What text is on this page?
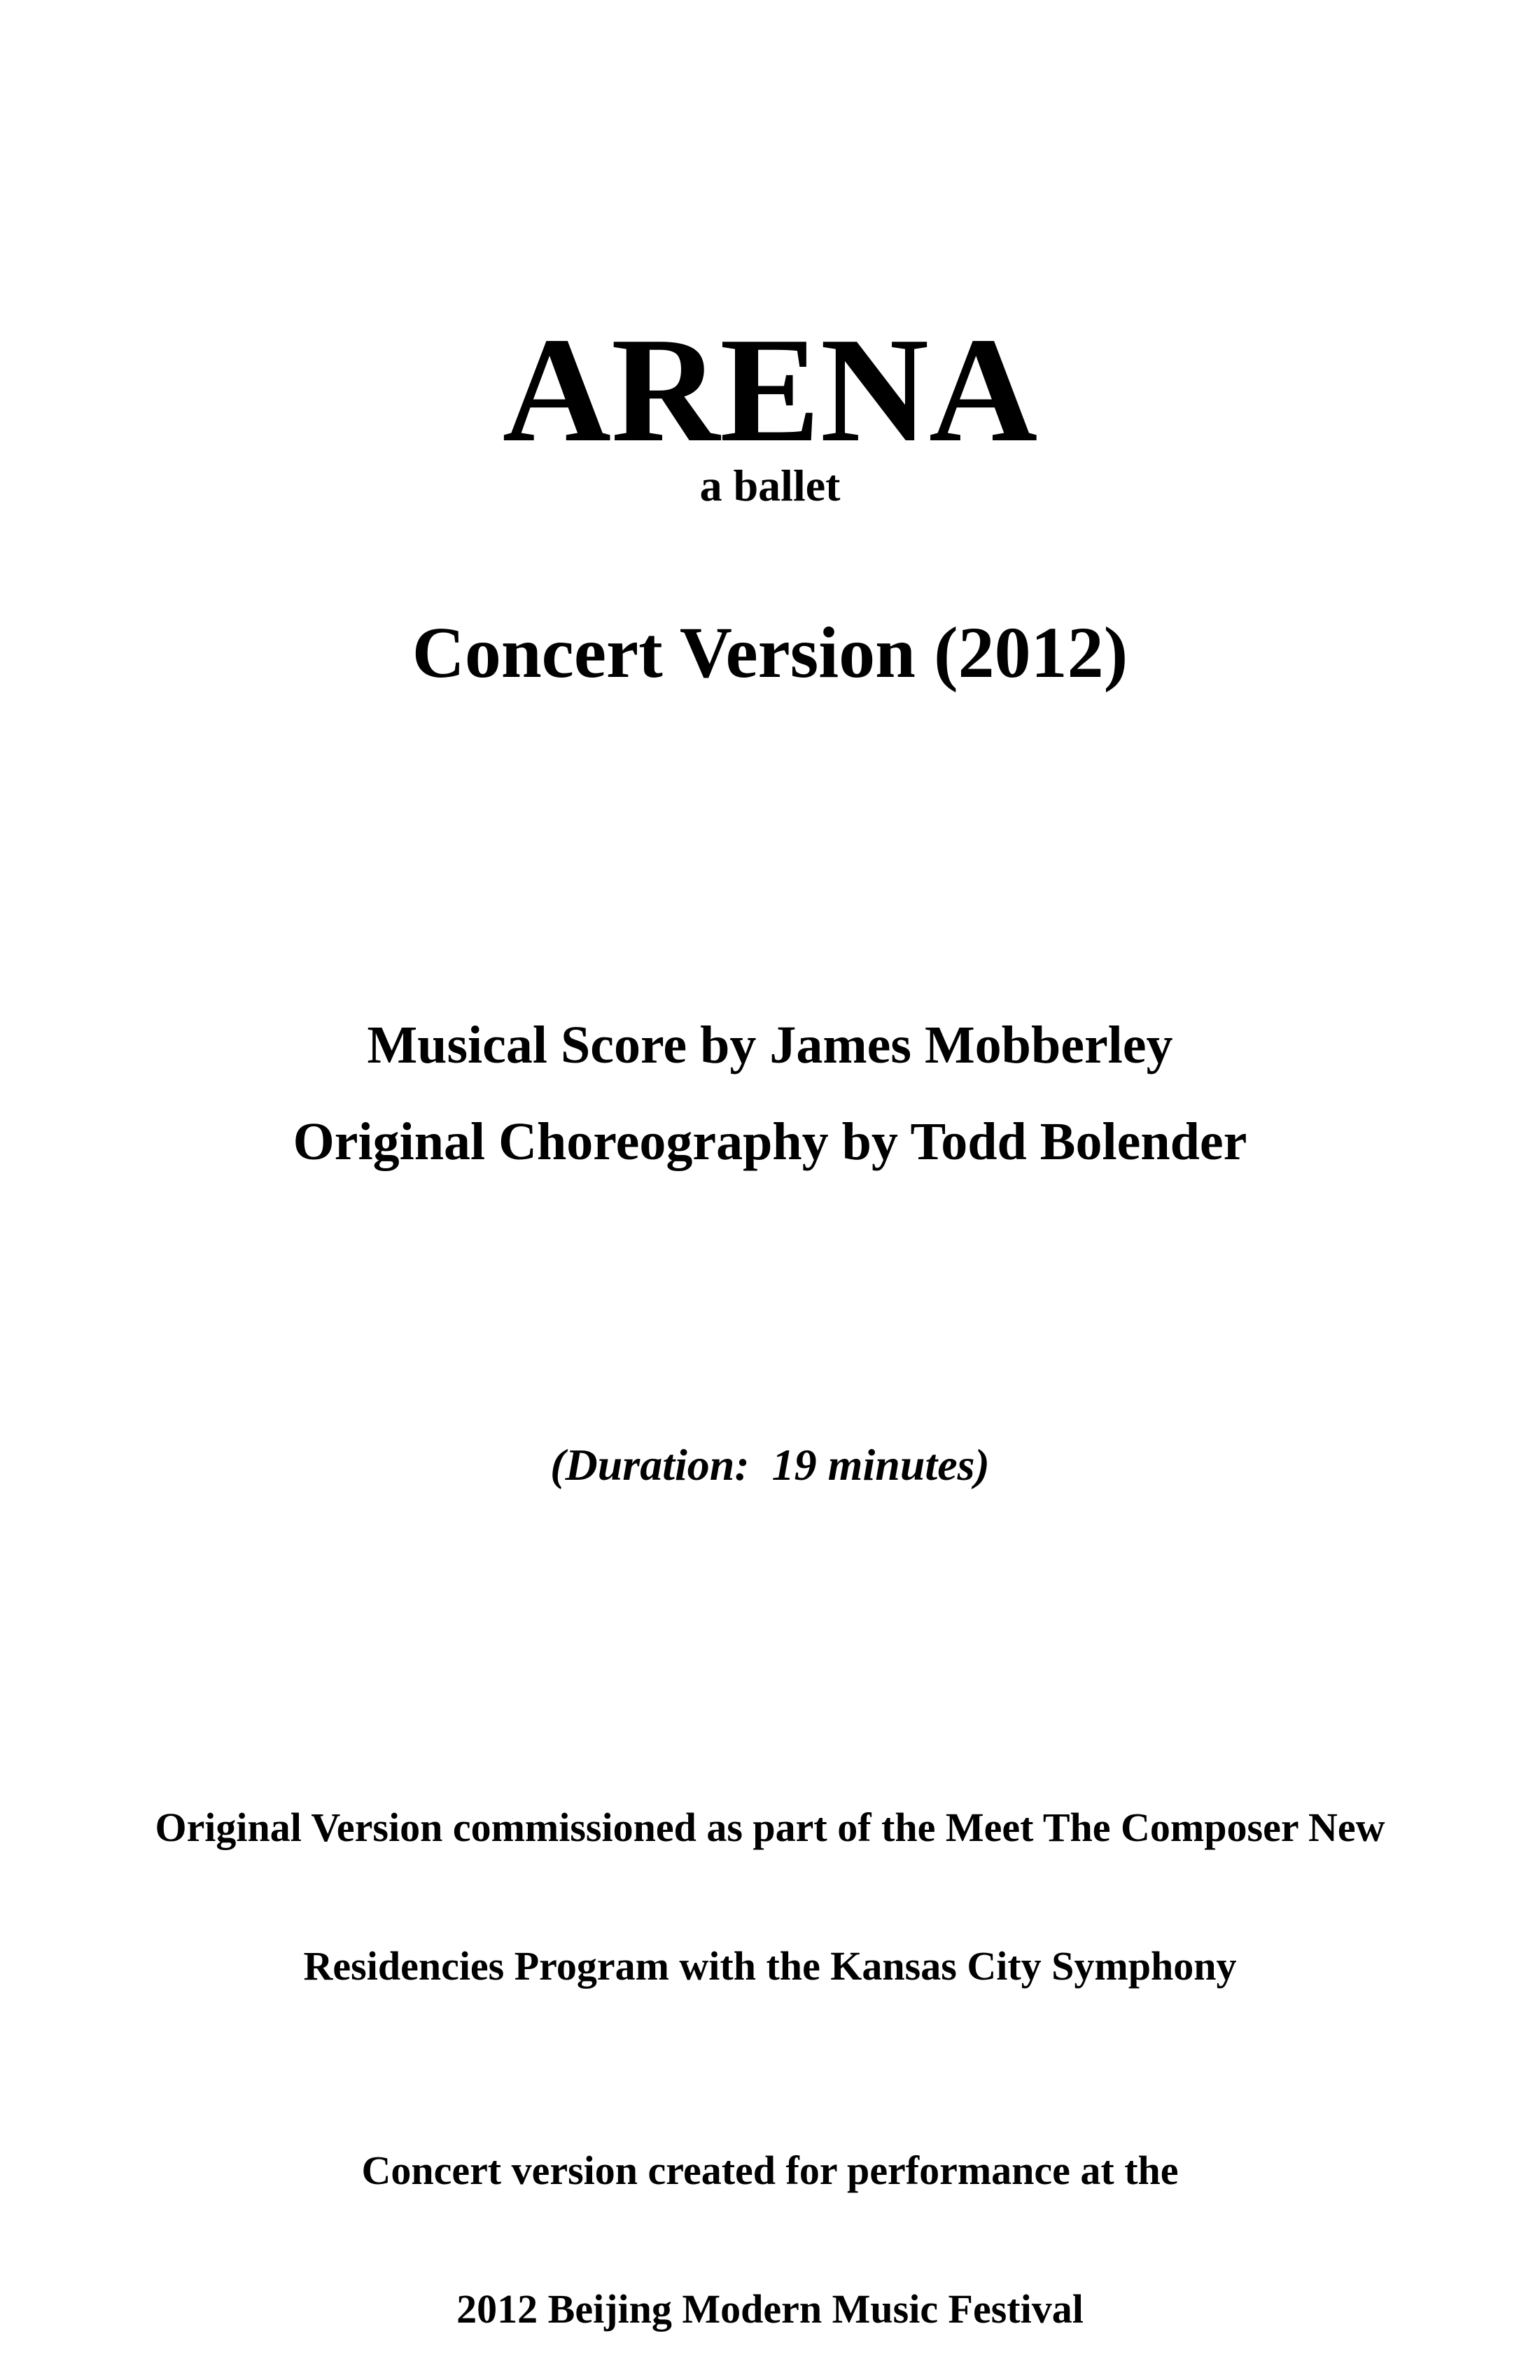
ARENA
a ballet
Concert Version (2012)
Musical Score by James Mobberley
Original Choreography by Todd Bolender
(Duration:  19 minutes)

Original Version commissioned as part of the Meet The Composer New

Residencies Program with the Kansas City Symphony

Concert version created for performance at the

2012 Beijing Modern Music Festival
